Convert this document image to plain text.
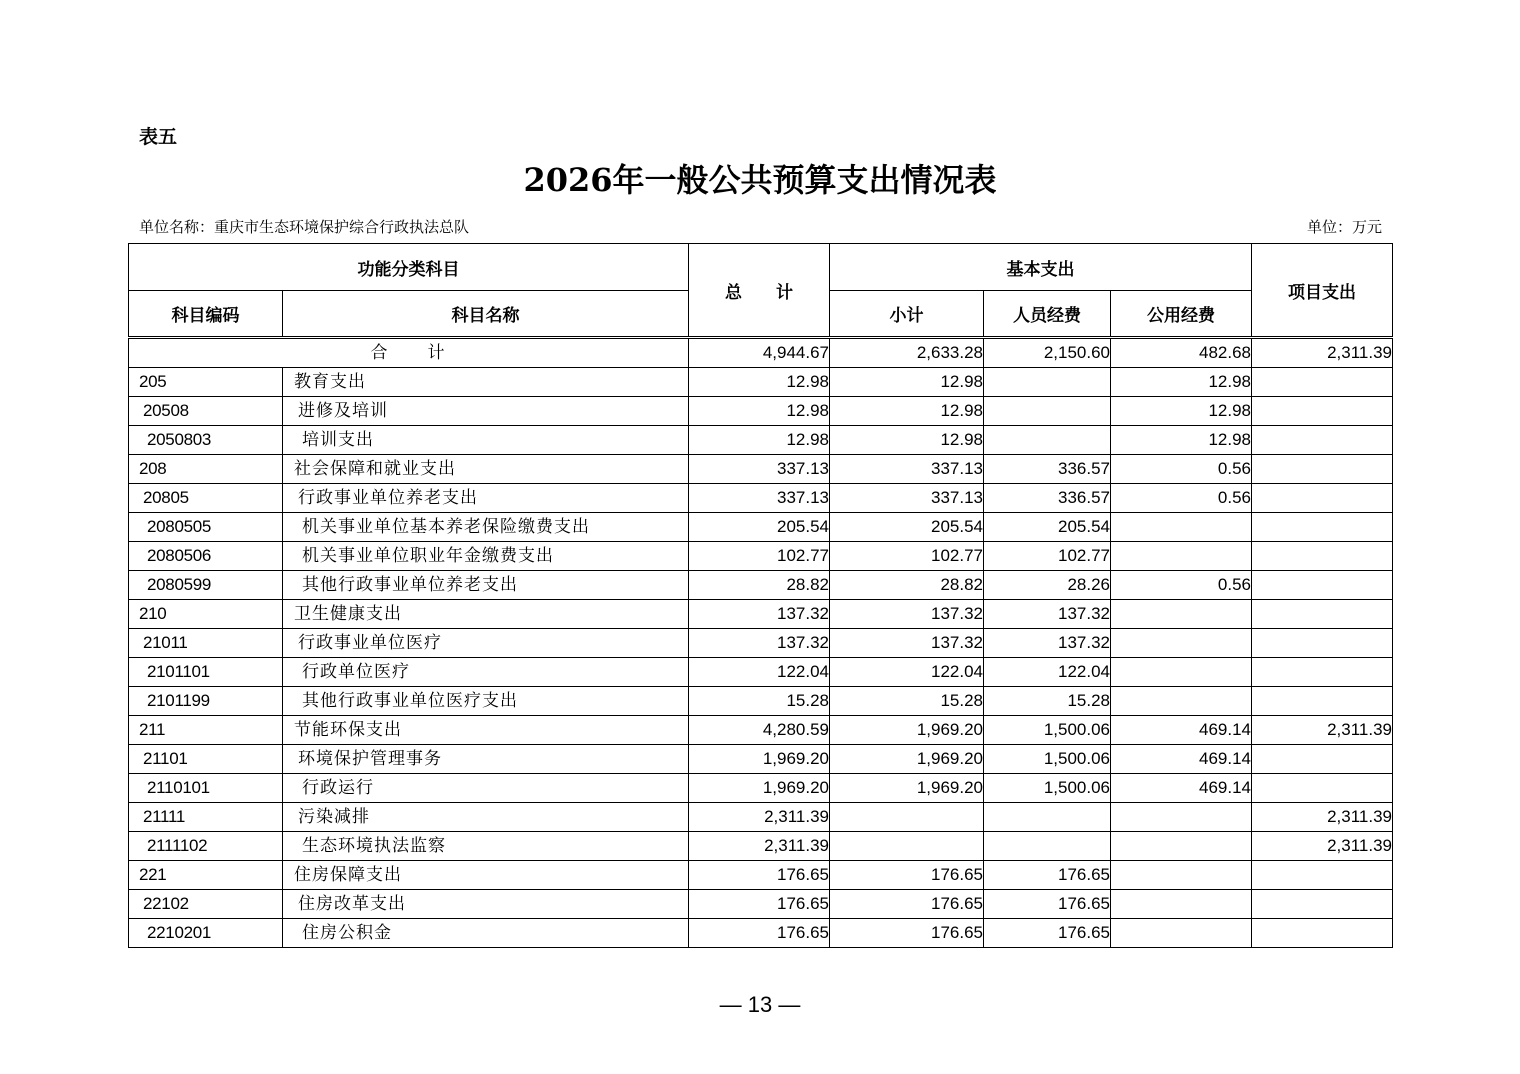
表五
2026年一般公共预算支出情况表
单位名称：重庆市生态环境保护综合行政执法总队	单位：万元
功能分类科目		总　　计	基本支出			项目支出
科目编码	科目名称		小计	人员经费	公用经费	
合　　计		4,944.67	2,633.28	2,150.60	482.68	2,311.39
205	教育支出	12.98	12.98		12.98	
20508	进修及培训	12.98	12.98		12.98	
2050803	培训支出	12.98	12.98		12.98	
208	社会保障和就业支出	337.13	337.13	336.57	0.56	
20805	行政事业单位养老支出	337.13	337.13	336.57	0.56	
2080505	机关事业单位基本养老保险缴费支出	205.54	205.54	205.54		
2080506	机关事业单位职业年金缴费支出	102.77	102.77	102.77		
2080599	其他行政事业单位养老支出	28.82	28.82	28.26	0.56	
210	卫生健康支出	137.32	137.32	137.32		
21011	行政事业单位医疗	137.32	137.32	137.32		
2101101	行政单位医疗	122.04	122.04	122.04		
2101199	其他行政事业单位医疗支出	15.28	15.28	15.28		
211	节能环保支出	4,280.59	1,969.20	1,500.06	469.14	2,311.39
21101	环境保护管理事务	1,969.20	1,969.20	1,500.06	469.14	
2110101	行政运行	1,969.20	1,969.20	1,500.06	469.14	
21111	污染减排	2,311.39				2,311.39
2111102	生态环境执法监察	2,311.39				2,311.39
221	住房保障支出	176.65	176.65	176.65		
22102	住房改革支出	176.65	176.65	176.65		
2210201	住房公积金	176.65	176.65	176.65		
— 13 —
